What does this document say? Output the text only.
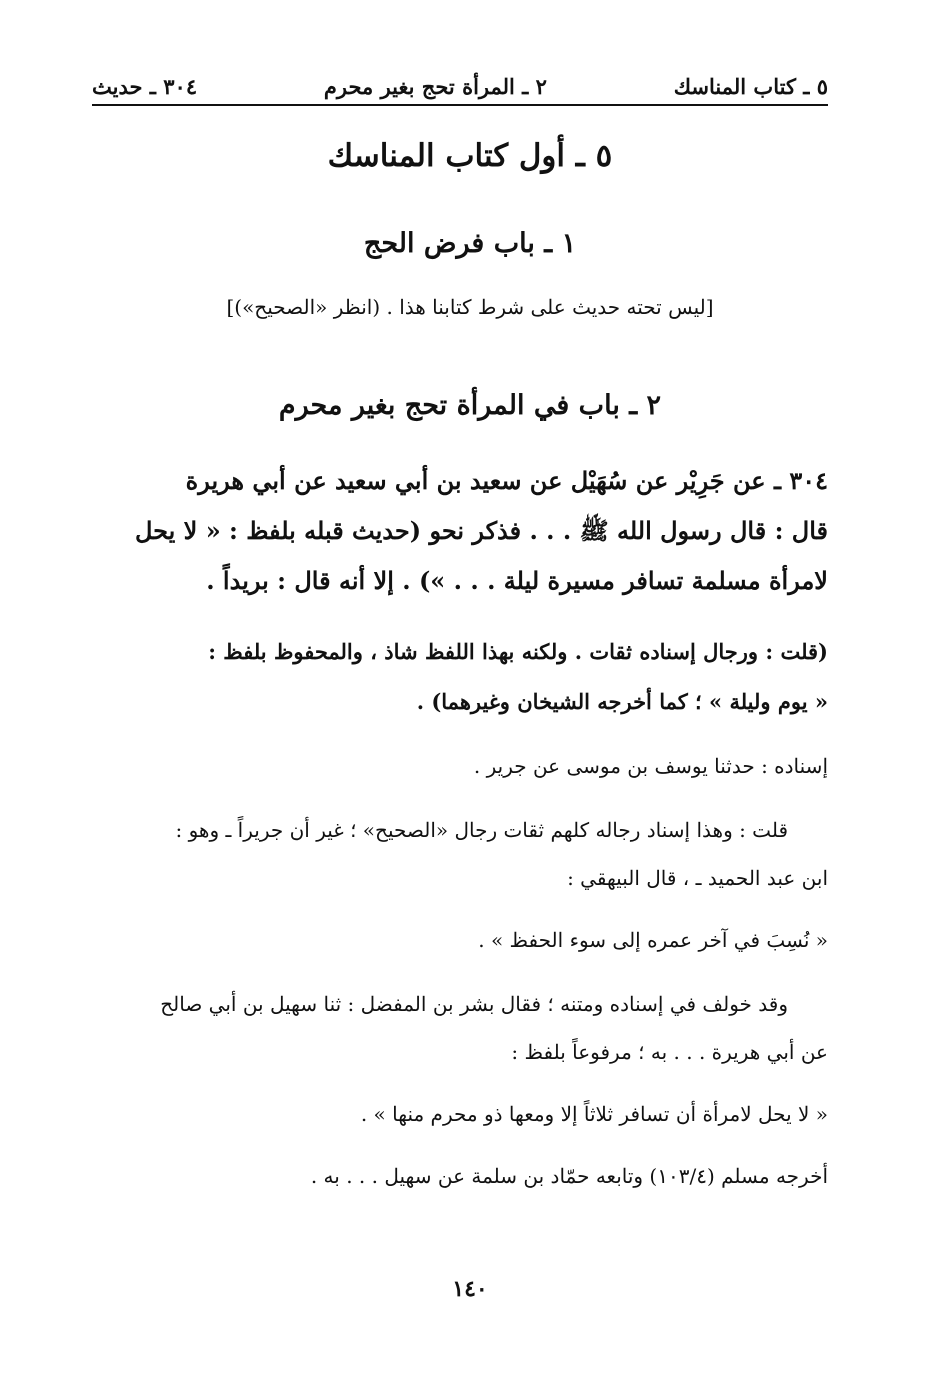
٥ ـ كتاب المناسك
٢ ـ المرأة تحج بغير محرم
٣٠٤ ـ حديث
٥ ـ أول كتاب المناسك
١ ـ باب فرض الحج
[ليس تحته حديث على شرط كتابنا هذا . (انظر «الصحيح»)]
٢ ـ باب في المرأة تحج بغير محرم
٣٠٤ ـ عن جَرِيْر عن سُهَيْل عن سعيد بن أبي سعيد عن أبي هريرة
قال : قال رسول الله ﷺ . . . فذكر نحو (حديث قبله بلفظ : « لا يحل
لامرأة مسلمة تسافر مسيرة ليلة . . . ») . إلا أنه قال : بريداً .
(قلت : ورجال إسناده ثقات . ولكنه بهذا اللفظ شاذ ، والمحفوظ بلفظ :
« يوم وليلة » ؛ كما أخرجه الشيخان وغيرهما) .
إسناده : حدثنا يوسف بن موسى عن جرير .
قلت : وهذا إسناد رجاله كلهم ثقات رجال «الصحيح» ؛ غير أن جريراً ـ وهو :
ابن عبد الحميد ـ ، قال البيهقي :
« نُسِبَ في آخر عمره إلى سوء الحفظ » .
وقد خولف في إسناده ومتنه ؛ فقال بشر بن المفضل : ثنا سهيل بن أبي صالح
عن أبي هريرة . . . به ؛ مرفوعاً بلفظ :
« لا يحل لامرأة أن تسافر ثلاثاً إلا ومعها ذو محرم منها » .
أخرجه مسلم (١٠٣/٤) وتابعه حمّاد بن سلمة عن سهيل . . . به .
١٤٠
